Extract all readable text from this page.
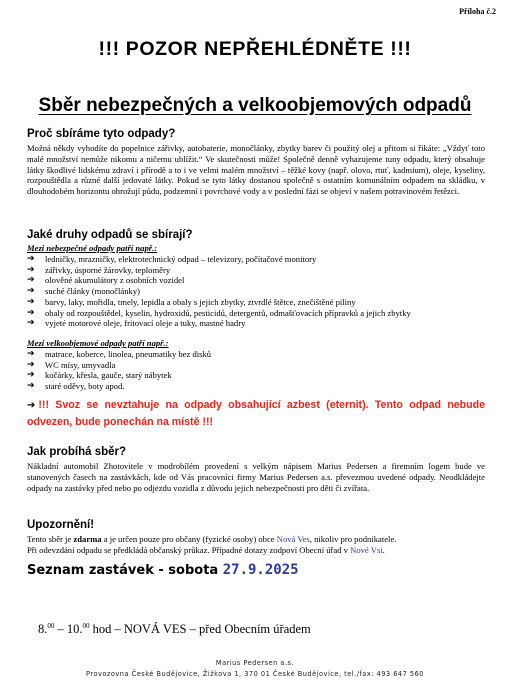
Příloha č.2
!!! POZOR NEPŘEHLÉDNĚTE !!!
Sběr nebezpečných a velkoobjemových odpadů
Proč sbíráme tyto odpady?
Možná někdy vyhodíte do popelnice zářivky, autobaterie, monočlánky, zbytky barev či použitý olej a přitom si řikáte: „Vždyť toto malé množství nemůže nikomu a ničemu ublížit.“ Ve skutečnosti může! Společně denně vyhazujeme tuny odpadu, který obsahuje látky škodlivé lidskému zdraví i přírodě a to i ve velmi malém množství – těžké kovy (např. olovo, rtuť, kadmium), oleje, kyseliny, rozpouštědla a různé další jedovaté látky. Pokud se tyto látky dostanou společně s ostatním komunálním odpadem na skládku, v dlouhodobém horizontu ohrožují půdu, podzemní i povrchové vody a v poslední fázi se objeví v našem potravinovém řetězci.
Jaké druhy odpadů se sbírají?
Mezi nebezpečné odpady patří např.:
➔ ledničky, mrazničky, elektrotechnický odpad – televizory, počítačové monitory
➔ zářivky, úsporné žárovky, teploměry
➔ olověné akumulátory z osobních vozidel
➔ suché články (monočlánky)
➔ barvy, laky, mořidla, tmely, lepidla a obaly s jejich zbytky, ztvrdlé štětce, znečištěné piliny
➔ obaly od rozpouštědel, kyselin, hydroxidů, pesticidů, detergentů, odmašťovacích přípravků a jejich zbytky
➔ vyjeté motorové oleje, fritovací oleje a tuky, mastné hadry
Mezi velkoobjemové odpady patří např.:
➔ matrace, koberce, linolea, pneumatiky bez disků
➔ WC mísy, umyvadla
➔ kočárky, křesla, gauče, starý nábytek
➔ staré oděvy, boty apod.
➔ !!! Svoz se nevztahuje na odpady obsahující azbest (eternit). Tento odpad nebude odvezen, bude ponechán na místě !!!
Jak probíhá sběr?
Nákladní automobil Zhotovitele v modrobílém provedení s velkým nápisem Marius Pedersen a firemním logem bude ve stanovených časech na zastávkách, kde od Vás pracovníci firmy Marius Pedersen a.s. převezmou uvedené odpady. Neodkládejte odpady na zastávky před nebo po odjezdu vozidla z důvodu jejich nebezpečnosti pro děti či zvířata.
Upozornění!
Tento sběr je zdarma a je určen pouze pro občany (fyzické osoby) obce Nová Ves, nikoliv pro podnikatele.
Při odevzdání odpadu se předkládá občanský průkaz. Případné dotazy zodpoví Obecní úřad v Nové Vsi.
Seznam zastávek - sobota 27.9.2025
8.00 – 10.00 hod – NOVÁ VES – před Obecním úřadem
Marius Pedersen a.s.
Provozovna České Budějovice, Žižkova 1, 370 01 České Budějovice, tel./fax: 493 647 560
